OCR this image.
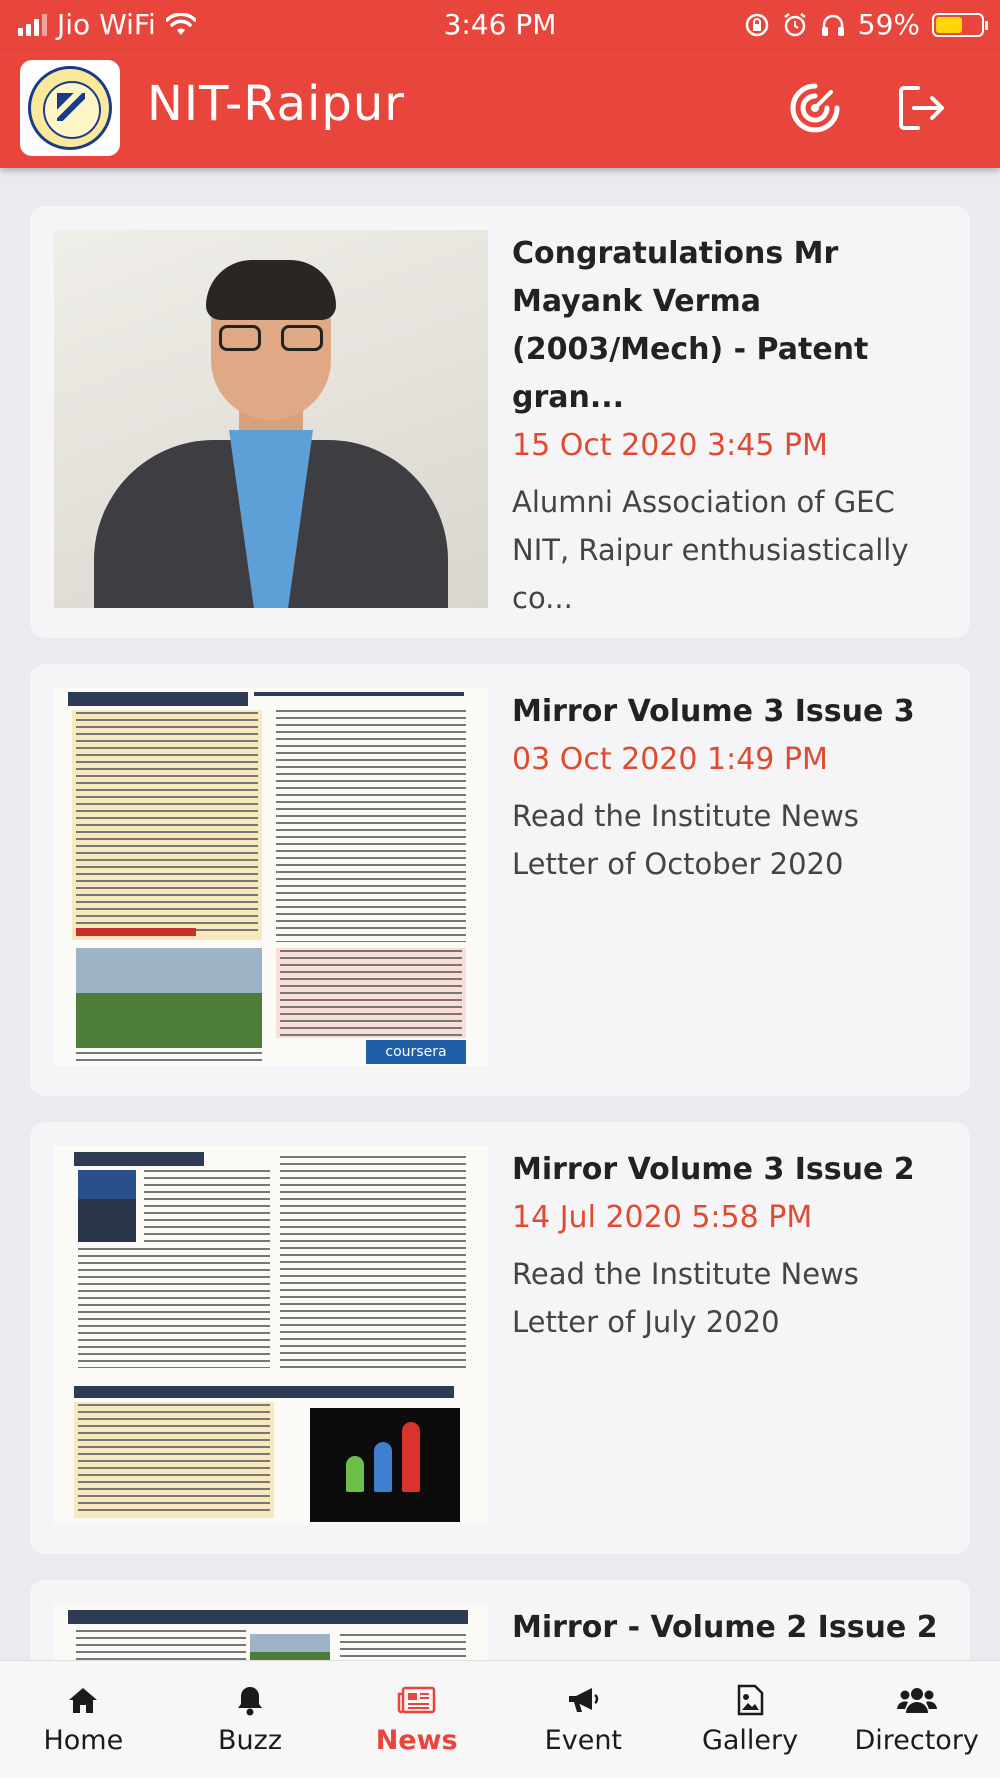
Jio WiFi	3:46 PM	59%
NIT-Raipur
Congratulations Mr Mayank Verma (2003/Mech) - Patent gran...
15 Oct 2020 3:45 PM
Alumni Association of GEC NIT, Raipur enthusiastically co...
coursera
Mirror Volume 3 Issue 3
03 Oct 2020 1:49 PM
Read the Institute News Letter of October 2020
Mirror Volume 3 Issue 2
14 Jul 2020 5:58 PM
Read the Institute News Letter of July 2020
Mirror - Volume 2 Issue 2
Home	Buzz	News	Event	Gallery Directory
